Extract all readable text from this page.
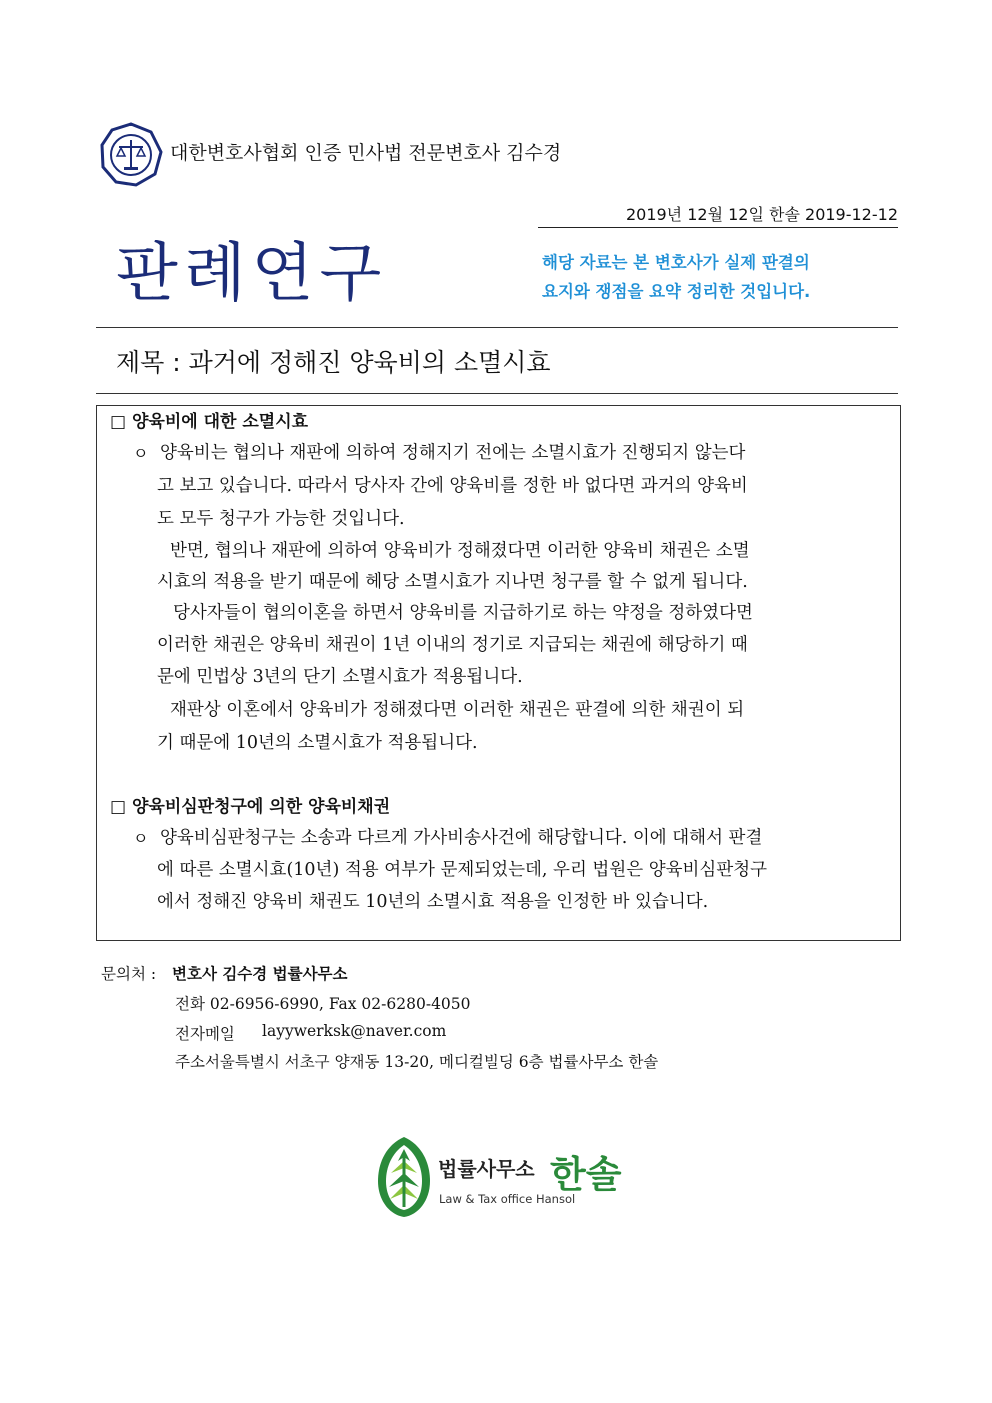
대한변호사협회 인증 민사법 전문변호사 김수경
2019년 12월 12일 한솔 2019-12-12
판례연구	해당 자료는 본 변호사가 실제 판결의
요지와 쟁점을 요약 정리한 것입니다.
제목 : 과거에 정해진 양육비의 소멸시효
□ 양육비에 대한 소멸시효
ㅇ 양육비는 협의나 재판에 의하여 정해지기 전에는 소멸시효가 진행되지 않는다
고 보고 있습니다. 따라서 당사자 간에 양육비를 정한 바 없다면 과거의 양육비
도 모두 청구가 가능한 것입니다.
반면, 협의나 재판에 의하여 양육비가 정해졌다면 이러한 양육비 채권은 소멸
시효의 적용을 받기 때문에 헤당 소멸시효가 지나면 청구를 할 수 없게 됩니다.
당사자들이 협의이혼을 하면서 양육비를 지급하기로 하는 약정을 정하였다면
이러한 채권은 양육비 채권이 1년 이내의 정기로 지급되는 채권에 해당하기 때
문에 민법상 3년의 단기 소멸시효가 적용됩니다.
재판상 이혼에서 양육비가 정해졌다면 이러한 채권은 판결에 의한 채권이 되
기 때문에 10년의 소멸시효가 적용됩니다.
□ 양육비심판청구에 의한 양육비채권
ㅇ 양육비심판청구는 소송과 다르게 가사비송사건에 해당합니다. 이에 대해서 판결
에 따른 소멸시효(10년) 적용 여부가 문제되었는데, 우리 법원은 양육비심판청구
에서 정해진 양육비 채권도 10년의 소멸시효 적용을 인정한 바 있습니다.
문의처 : 변호사 김수경 법률사무소
전화 02-6956-6990, Fax 02-6280-4050
전자메일 layywerksk@naver.com
주소서울특별시 서초구 양재동 13-20, 메디컬빌딩 6층 법률사무소 한솔
법률사무소 한솔
Law & Tax office Hansol
